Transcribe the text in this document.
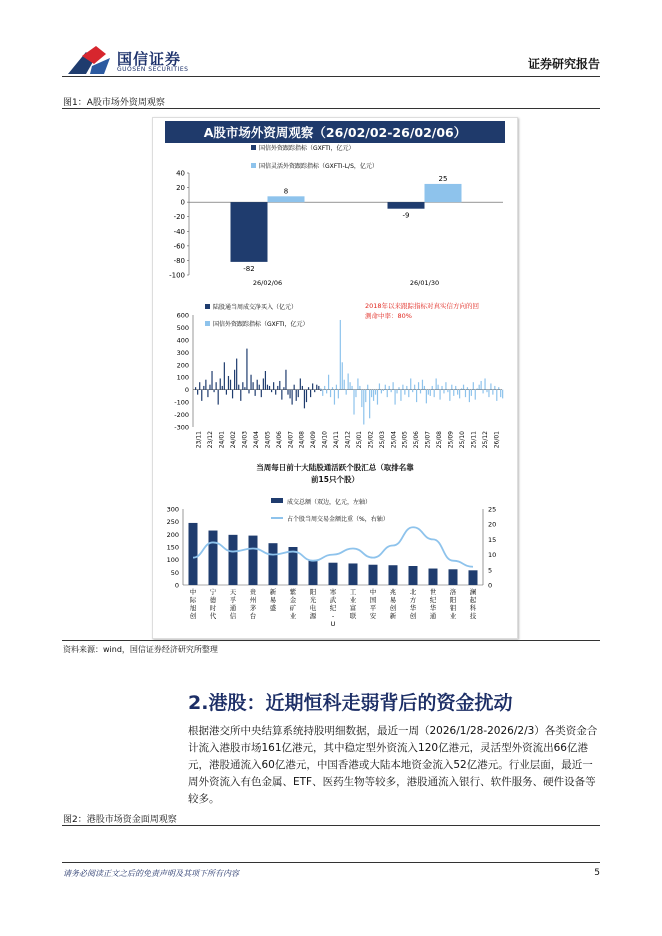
国信证券
GUOSEN SECURITIES	证券研究报告
图1：A股市场外资周观察
A股市场外资周观察（26/02/02-26/02/06）
国信外资跟踪指标（GXFTI，亿元）
国信灵活外资跟踪指标（GXFTI-L/S，亿元）
40
20
0
-20
-40
-60
-80
-100
26/02/06	26/01/30
-82
8
-9
25
陆股通当周成交净买入（亿元）
国信外资跟踪指标（GXFTI，亿元）
2018年以来跟踪指标对真实信方向的回测命中率：80%
600
500
400
300
200
100
0
-100
-200
-300
23/11 23/12 24/01 24/02 24/03 24/04 24/05 24/06 24/07 24/08 24/09 24/10 24/11 24/12 25/01 25/02 25/03 25/04 25/05 25/06 25/07 25/08 25/09 25/10 25/11 25/12 26/01
当周每日前十大陆股通活跃个股汇总（取排名靠前15只个股）
成交总额（双边，亿元，左轴）
占个股当周交易金额比重（%，右轴）
300
250
200
150
100
50
0
25
20
15
10
5
0
中际旭创
宁德时代
天孚通信
贵州茅台
新易盛
紫金矿业
阳光电源
寒武纪-U
工业富联
中国平安
兆易创新
北方华创
世纪华通
洛阳钼业
澜起科技
资料来源：wind，国信证券经济研究所整理
2.港股：近期恒科走弱背后的资金扰动
根据港交所中央结算系统持股明细数据，最近一周（2026/1/28-2026/2/3）各类资金合计流入港股市场161亿港元，其中稳定型外资流入120亿港元，灵活型外资流出66亿港元，港股通流入60亿港元，中国香港或大陆本地资金流入52亿港元。行业层面，最近一周外资流入有色金属、ETF、医药生物等较多，港股通流入银行、软件服务、硬件设备等较多。
图2：港股市场资金面周观察
请务必阅读正文之后的免责声明及其项下所有内容	5
